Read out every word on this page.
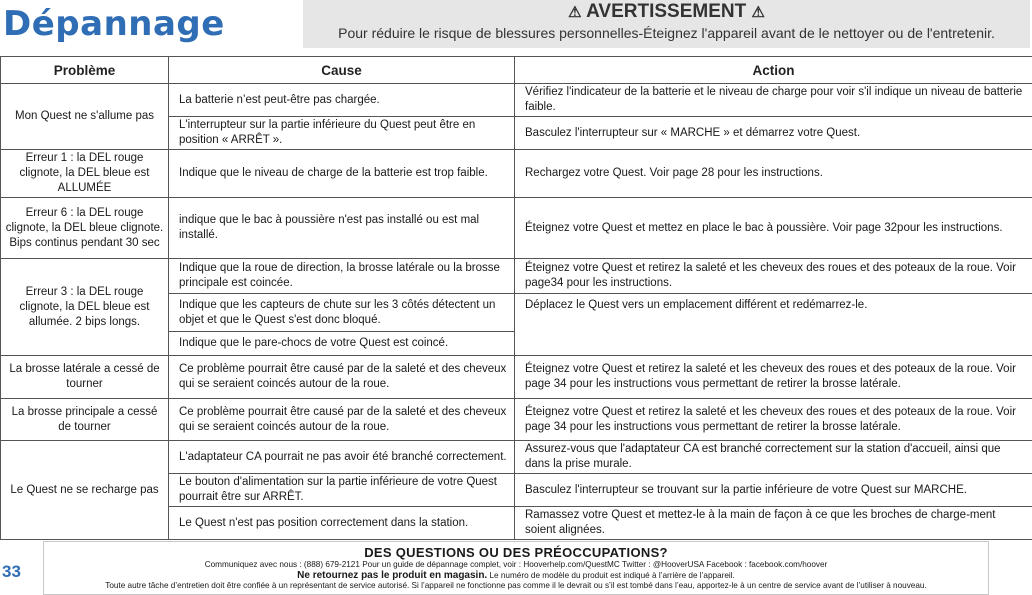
Dépannage	⚠ AVERTISSEMENT ⚠
Pour réduire le risque de blessures personnelles-Éteignez l'appareil avant de le nettoyer ou de l'entretenir.
Problème	Cause	Action
Mon Quest ne s'allume pas	La batterie n’est peut-être pas chargée.	Vérifiez l'indicateur de la batterie et le niveau de charge pour voir s'il indique un niveau de batterie faible.
	L'interrupteur sur la partie inférieure du Quest peut être en position « ARRÊT ».	Basculez l'interrupteur sur « MARCHE » et démarrez votre Quest.
Erreur 1 : la DEL rouge clignote, la DEL bleue est ALLUMÉE	Indique que le niveau de charge de la batterie est trop faible.	Rechargez votre Quest. Voir page 28 pour les instructions.
Erreur 6 : la DEL rouge clignote, la DEL bleue clignote. Bips continus pendant 30 sec	indique que le bac à poussière n'est pas installé ou est mal installé.	Éteignez votre Quest et mettez en place le bac à poussière. Voir page 32pour les instructions.
Erreur 3 : la DEL rouge clignote, la DEL bleue est allumée. 2 bips longs.	Indique que la roue de direction, la brosse latérale ou la brosse principale est coincée.	Éteignez votre Quest et retirez la saleté et les cheveux des roues et des poteaux de la roue. Voir page34 pour les instructions.
	Indique que les capteurs de chute sur les 3 côtés détectent un objet et que le Quest s'est donc bloqué.	Déplacez le Quest vers un emplacement différent et redémarrez-le.
	Indique que le pare-chocs de votre Quest est coincé.	
La brosse latérale a cessé de tourner	Ce problème pourrait être causé par de la saleté et des cheveux qui se seraient coincés autour de la roue.	Éteignez votre Quest et retirez la saleté et les cheveux des roues et des poteaux de la roue. Voir page 34 pour les instructions vous permettant de retirer la brosse latérale.
La brosse principale a cessé de tourner	Ce problème pourrait être causé par de la saleté et des cheveux qui se seraient coincés autour de la roue.	Éteignez votre Quest et retirez la saleté et les cheveux des roues et des poteaux de la roue. Voir page 34 pour les instructions vous permettant de retirer la brosse latérale.
Le Quest ne se recharge pas	L'adaptateur CA pourrait ne pas avoir été branché correctement.	Assurez-vous que l'adaptateur CA est branché correctement sur la station d'accueil, ainsi que dans la prise murale.
	Le bouton d'alimentation sur la partie inférieure de votre Quest pourrait être sur ARRÊT.	Basculez l'interrupteur se trouvant sur la partie inférieure de votre Quest sur MARCHE.
	Le Quest n'est pas position correctement dans la station.	Ramassez votre Quest et mettez-le à la main de façon à ce que les broches de charge-ment soient alignées.
33
DES QUESTIONS OU DES PRÉOCCUPATIONS?
Communiquez avec nous : (888) 679-2121 Pour un guide de dépannage complet, voir : Hooverhelp.com/QuestMC Twitter : @HooverUSA Facebook : facebook.com/hoover
Ne retournez pas le produit en magasin. Le numéro de modèle du produit est indiqué à l’arrière de l’appareil.
Toute autre tâche d’entretien doit être confiée à un représentant de service autorisé. Si l’appareil ne fonctionne pas comme il le devrait ou s’il est tombé dans l’eau, apportez-le à un centre de service avant de l’utiliser à nouveau.
